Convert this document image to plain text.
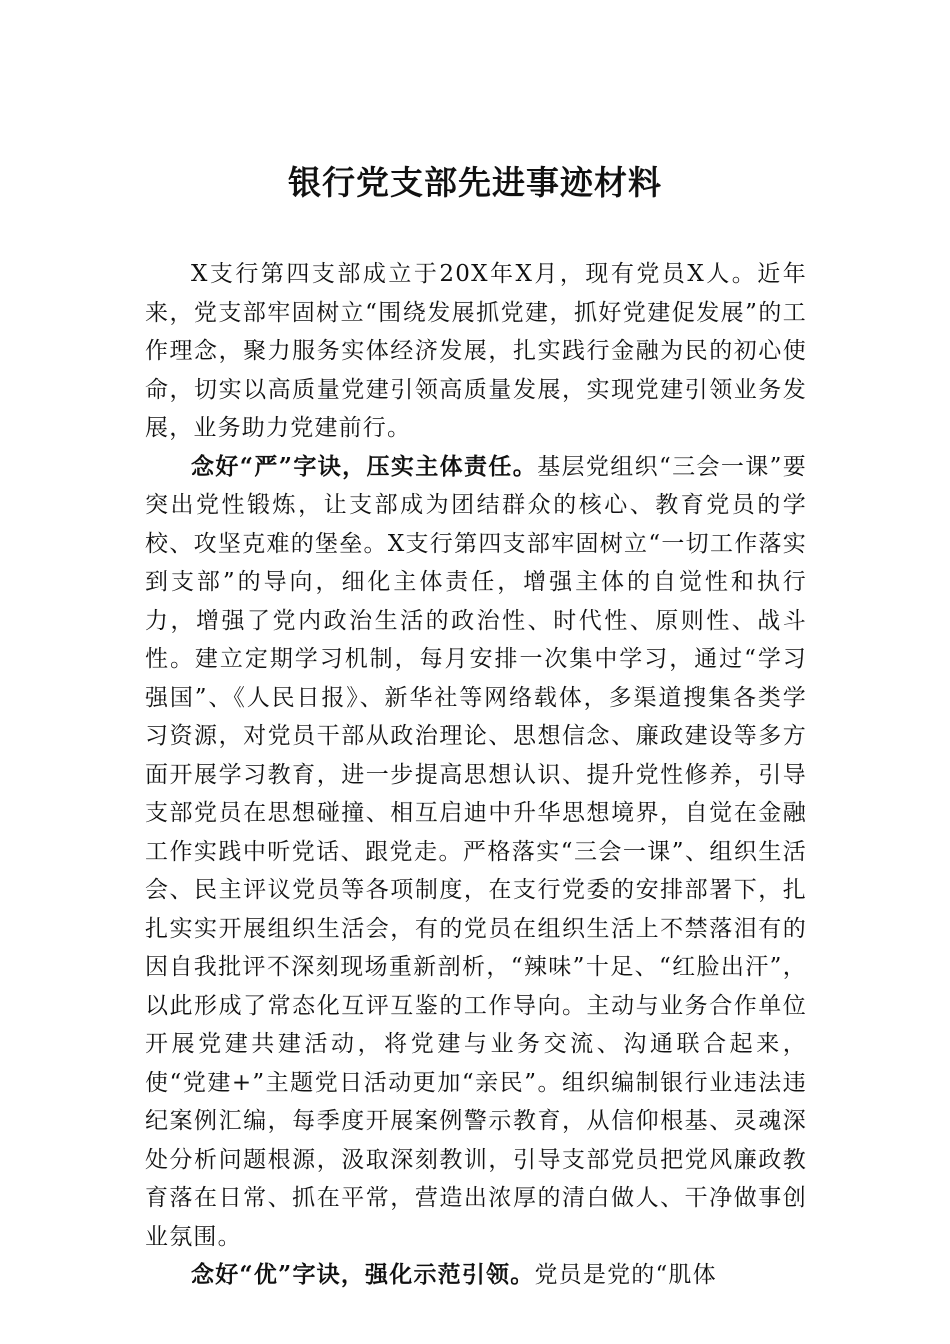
银行党支部先进事迹材料

X支行第四支部成立于20X年X月，现有党员X人。近年来，党支部牢固树立“围绕发展抓党建，抓好党建促发展”的工作理念，聚力服务实体经济发展，扎实践行金融为民的初心使命，切实以高质量党建引领高质量发展，实现党建引领业务发展，业务助力党建前行。

念好“严”字诀，压实主体责任。基层党组织“三会一课”要突出党性锻炼，让支部成为团结群众的核心、教育党员的学校、攻坚克难的堡垒。X支行第四支部牢固树立“一切工作落实到支部”的导向，细化主体责任，增强主体的自觉性和执行力，增强了党内政治生活的政治性、时代性、原则性、战斗性。建立定期学习机制，每月安排一次集中学习，通过“学习强国”、《人民日报》、新华社等网络载体，多渠道搜集各类学习资源，对党员干部从政治理论、思想信念、廉政建设等多方面开展学习教育，进一步提高思想认识、提升党性修养，引导支部党员在思想碰撞、相互启迪中升华思想境界，自觉在金融工作实践中听党话、跟党走。严格落实“三会一课”、组织生活会、民主评议党员等各项制度，在支行党委的安排部署下，扎扎实实开展组织生活会，有的党员在组织生活上不禁落泪有的因自我批评不深刻现场重新剖析，“辣味”十足、“红脸出汗”，以此形成了常态化互评互鉴的工作导向。主动与业务合作单位开展党建共建活动，将党建与业务交流、沟通联合起来，使“党建+”主题党日活动更加“亲民”。组织编制银行业违法违纪案例汇编，每季度开展案例警示教育，从信仰根基、灵魂深处分析问题根源，汲取深刻教训，引导支部党员把党风廉政教育落在日常、抓在平常，营造出浓厚的清白做人、干净做事创业氛围。

念好“优”字诀，强化示范引领。党员是党的“肌体
